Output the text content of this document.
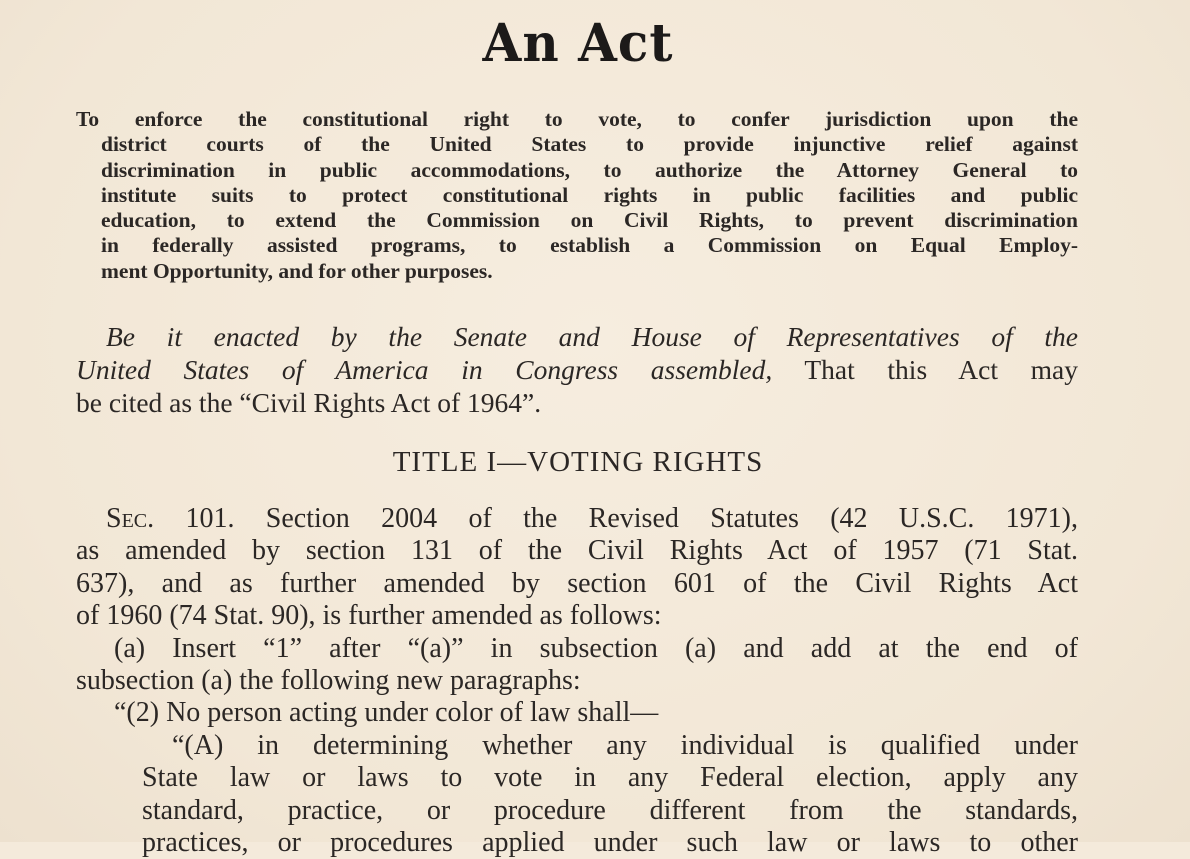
An Act
To enforce the constitutional right to vote, to confer jurisdiction upon the
district courts of the United States to provide injunctive relief against
discrimination in public accommodations, to authorize the Attorney General to
institute suits to protect constitutional rights in public facilities and public
education, to extend the Commission on Civil Rights, to prevent discrimination
in federally assisted programs, to establish a Commission on Equal Employ-
ment Opportunity, and for other purposes.
Be it enacted by the Senate and House of Representatives of the
United States of America in Congress assembled, That this Act may
be cited as the “Civil Rights Act of 1964”.
TITLE I—VOTING RIGHTS
Sec. 101. Section 2004 of the Revised Statutes (42 U.S.C. 1971),
as amended by section 131 of the Civil Rights Act of 1957 (71 Stat.
637), and as further amended by section 601 of the Civil Rights Act
of 1960 (74 Stat. 90), is further amended as follows:
(a) Insert “1” after “(a)” in subsection (a) and add at the end of
subsection (a) the following new paragraphs:
“(2) No person acting under color of law shall—
“(A) in determining whether any individual is qualified under
State law or laws to vote in any Federal election, apply any
standard, practice, or procedure different from the standards,
practices, or procedures applied under such law or laws to other
